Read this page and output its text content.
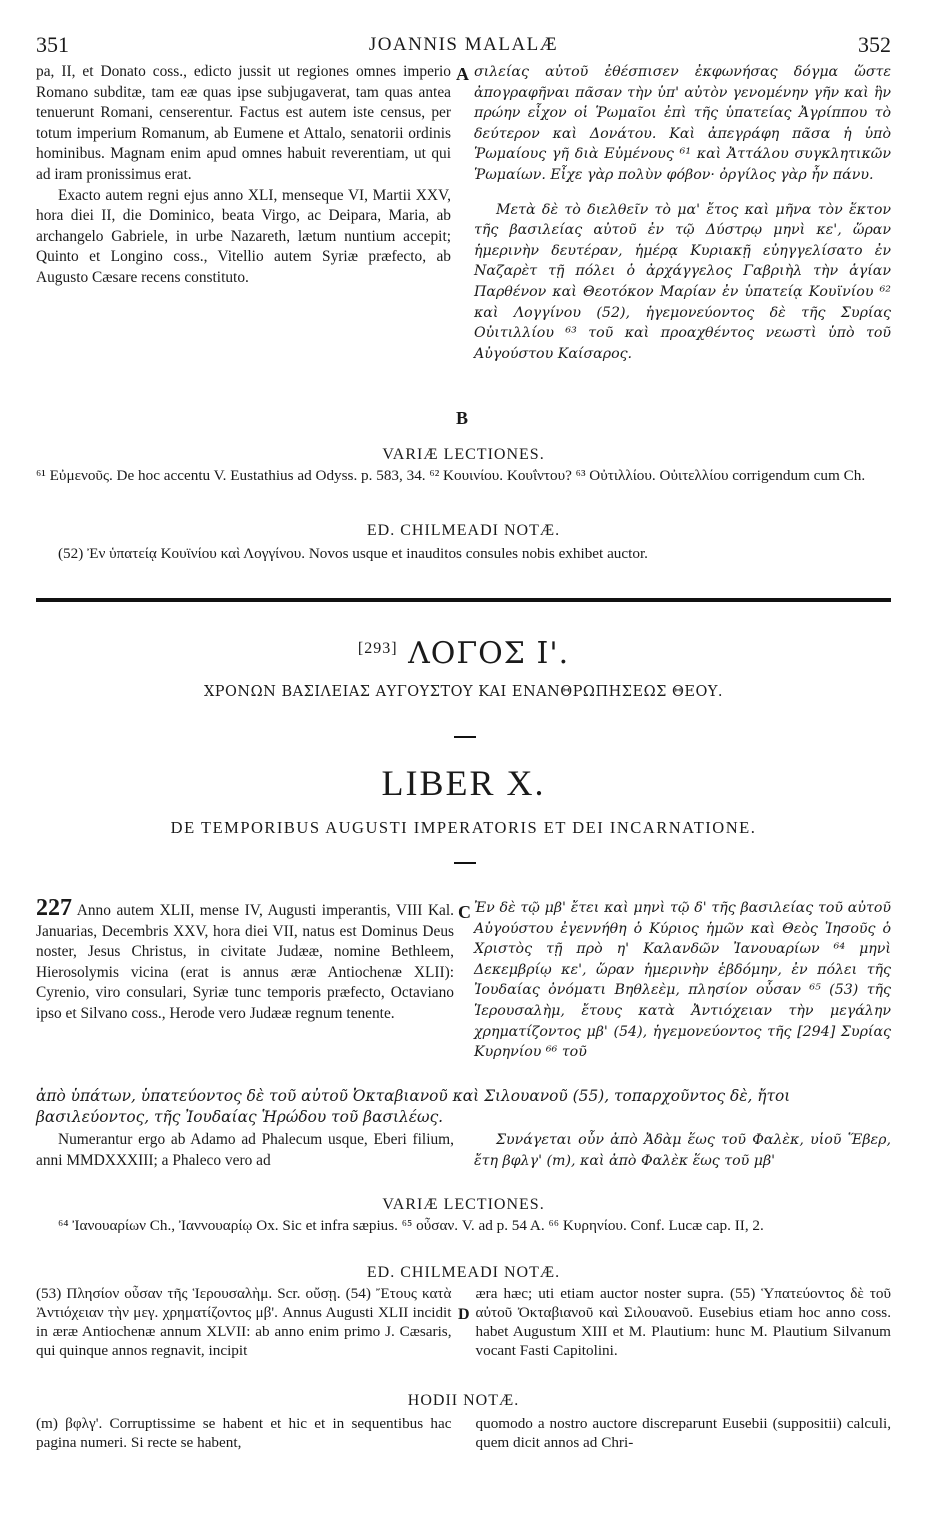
351	JOANNIS MALALÆ	352

pa, II, et Donato coss., edicto jussit ut regiones omnes imperio Romano subditæ, tam eæ quas ipse subjugaverat, tam quas antea tenuerunt Romani, censerentur. Factus est autem iste census, per totum imperium Romanum, ab Eumene et Attalo, senatorii ordinis hominibus. Magnam enim apud omnes habuit reverentiam, ut qui ad iram pronissimus erat.

Exacto autem regni ejus anno XLI, menseque VI, Martii XXV, hora diei II, die Dominico, beata Virgo, ac Deipara, Maria, ab archangelo Gabriele, in urbe Nazareth, lætum nuntium accepit; Quinto et Longino coss., Vitellio autem Syriæ præfecto, ab Augusto Cæsare recens constituto.

A σιλείας αὐτοῦ ἐθέσπισεν ἐκφωνήσας δόγμα ὥστε ἀπογραφῆναι πᾶσαν τὴν ὑπ' αὐτὸν γενομένην γῆν καὶ ἣν πρώην εἶχον οἱ Ῥωμαῖοι ἐπὶ τῆς ὑπατείας Ἀγρίππου τὸ δεύτερον καὶ Δονάτου. Καὶ ἀπεγράφη πᾶσα ἡ ὑπὸ Ῥωμαίους γῆ διὰ Εὐμένους ⁶¹ καὶ Ἀττάλου συγκλητικῶν Ῥωμαίων. Εἶχε γὰρ πολὺν φόβον· ὀργίλος γὰρ ἦν πάνυ.

Μετὰ δὲ τὸ διελθεῖν τὸ μα' ἔτος καὶ μῆνα τὸν ἕκτον τῆς βασιλείας αὐτοῦ ἐν τῷ Δύστρῳ μηνὶ κε', ὥραν ἡμερινὴν δευτέραν, ἡμέρᾳ Κυριακῇ εὐηγγελίσατο ἐν Ναζαρὲτ τῇ πόλει ὁ ἀρχάγγελος Γαβριὴλ τὴν ἁγίαν Παρθένον καὶ Θεοτόκον Μαρίαν ἐν ὑπατείᾳ Κουϊνίου ⁶² καὶ Λογγίνου (52), ἡγεμονεύοντος δὲ τῆς Συρίας Οὐιτιλλίου ⁶³ τοῦ καὶ προαχθέντος νεωστὶ ὑπὸ τοῦ Αὐγούστου Καίσαρος.

B
VARIÆ LECTIONES.
⁶¹ Εὐμενοῦς. De hoc accentu V. Eustathius ad Odyss. p. 583, 34. ⁶² Κουινίου. Κουΐντου? ⁶³ Οὐτιλλίου. Οὐιτελλίου corrigendum cum Ch.
ED. CHILMEADI NOTÆ.
(52) Ἐν ὑπατείᾳ Κουϊνίου καὶ Λογγίνου. Novos usque et inauditos consules nobis exhibet auctor.
[293] ΛΟΓΟΣ Ι'.
ΧΡΟΝΩΝ ΒΑΣΙΛΕΙΑΣ ΑΥΓΟΥΣΤΟΥ ΚΑΙ ΕΝΑΝΘΡΩΠΗΣΕΩΣ ΘΕΟΥ.
LIBER X.
DE TEMPORIBUS AUGUSTI IMPERATORIS ET DEI INCARNATIONE.

227 Anno autem XLII, mense IV, Augusti imperantis, VIII Kal. Januarias, Decembris XXV, hora diei VII, natus est Dominus Deus noster, Jesus Christus, in civitate Judææ, nomine Bethleem, Hierosolymis vicina (erat is annus æræ Antiochenæ XLII): Cyrenio, viro consulari, Syriæ tunc temporis præfecto, Octaviano ipso et Silvano coss., Herode vero Judææ regnum tenente.

C Ἐν δὲ τῷ μβ' ἔτει καὶ μηνὶ τῷ δ' τῆς βασιλείας τοῦ αὐτοῦ Αὐγούστου ἐγεννήθη ὁ Κύριος ἡμῶν καὶ Θεὸς Ἰησοῦς ὁ Χριστὸς τῇ πρὸ η' Καλανδῶν Ἰανουαρίων ⁶⁴ μηνὶ Δεκεμβρίῳ κε', ὥραν ἡμερινὴν ἑβδόμην, ἐν πόλει τῆς Ἰουδαίας ὀνόματι Βηθλεὲμ, πλησίον οὖσαν ⁶⁵ (53) τῆς Ἱερουσαλὴμ, ἔτους κατὰ Ἀντιόχειαν τὴν μεγάλην χρηματίζοντος μβ' (54), ἡγεμονεύοντος τῆς [294] Συρίας Κυρηνίου ⁶⁶ τοῦ

ἀπὸ ὑπάτων, ὑπατεύοντος δὲ τοῦ αὐτοῦ Ὀκταβιανοῦ καὶ Σιλουανοῦ (55), τοπαρχοῦντος δὲ, ἤτοι βασιλεύοντος, τῆς Ἰουδαίας Ἡρώδου τοῦ βασιλέως.

Numerantur ergo ab Adamo ad Phalecum usque, Eberi filium, anni MMDXXXIII; a Phaleco vero ad

Συνάγεται οὖν ἀπὸ Ἀδὰμ ἕως τοῦ Φαλὲκ, υἱοῦ Ἕβερ, ἔτη βφλγ' (m), καὶ ἀπὸ Φαλὲκ ἕως τοῦ μβ'

VARIÆ LECTIONES.
⁶⁴ Ἰανουαρίων Ch., Ἰαννουαρίῳ Ox. Sic et infra sæpius. ⁶⁵ οὖσαν. V. ad p. 54 A. ⁶⁶ Κυρηνίου. Conf. Lucæ cap. II, 2.
ED. CHILMEADI NOTÆ.
(53) Πλησίον οὖσαν τῆς Ἱερουσαλὴμ. Scr. οὔσῃ. (54) Ἔτους κατὰ Ἀντιόχειαν τὴν μεγ. χρηματίζοντος μβ'. Annus Augusti XLII incidit in æræ Antiochenæ annum XLVII: ab anno enim primo J. Cæsaris, qui quinque annos regnavit, incipit
æra hæc; uti etiam auctor noster supra. (55) Ὑπατεύοντος δὲ τοῦ αὐτοῦ Ὀκταβιανοῦ καὶ Σιλουανοῦ. Eusebius etiam hoc anno coss. habet Augustum XIII et M. Plautium: hunc M. Plautium Silvanum vocant Fasti Capitolini.
D
HODII NOTÆ.
(m) βφλγ'. Corruptissime se habent et hic et in sequentibus hac pagina numeri. Si recte se habent,
quomodo a nostro auctore discreparunt Eusebii (suppositii) calculi, quem dicit annos ad Chri-
